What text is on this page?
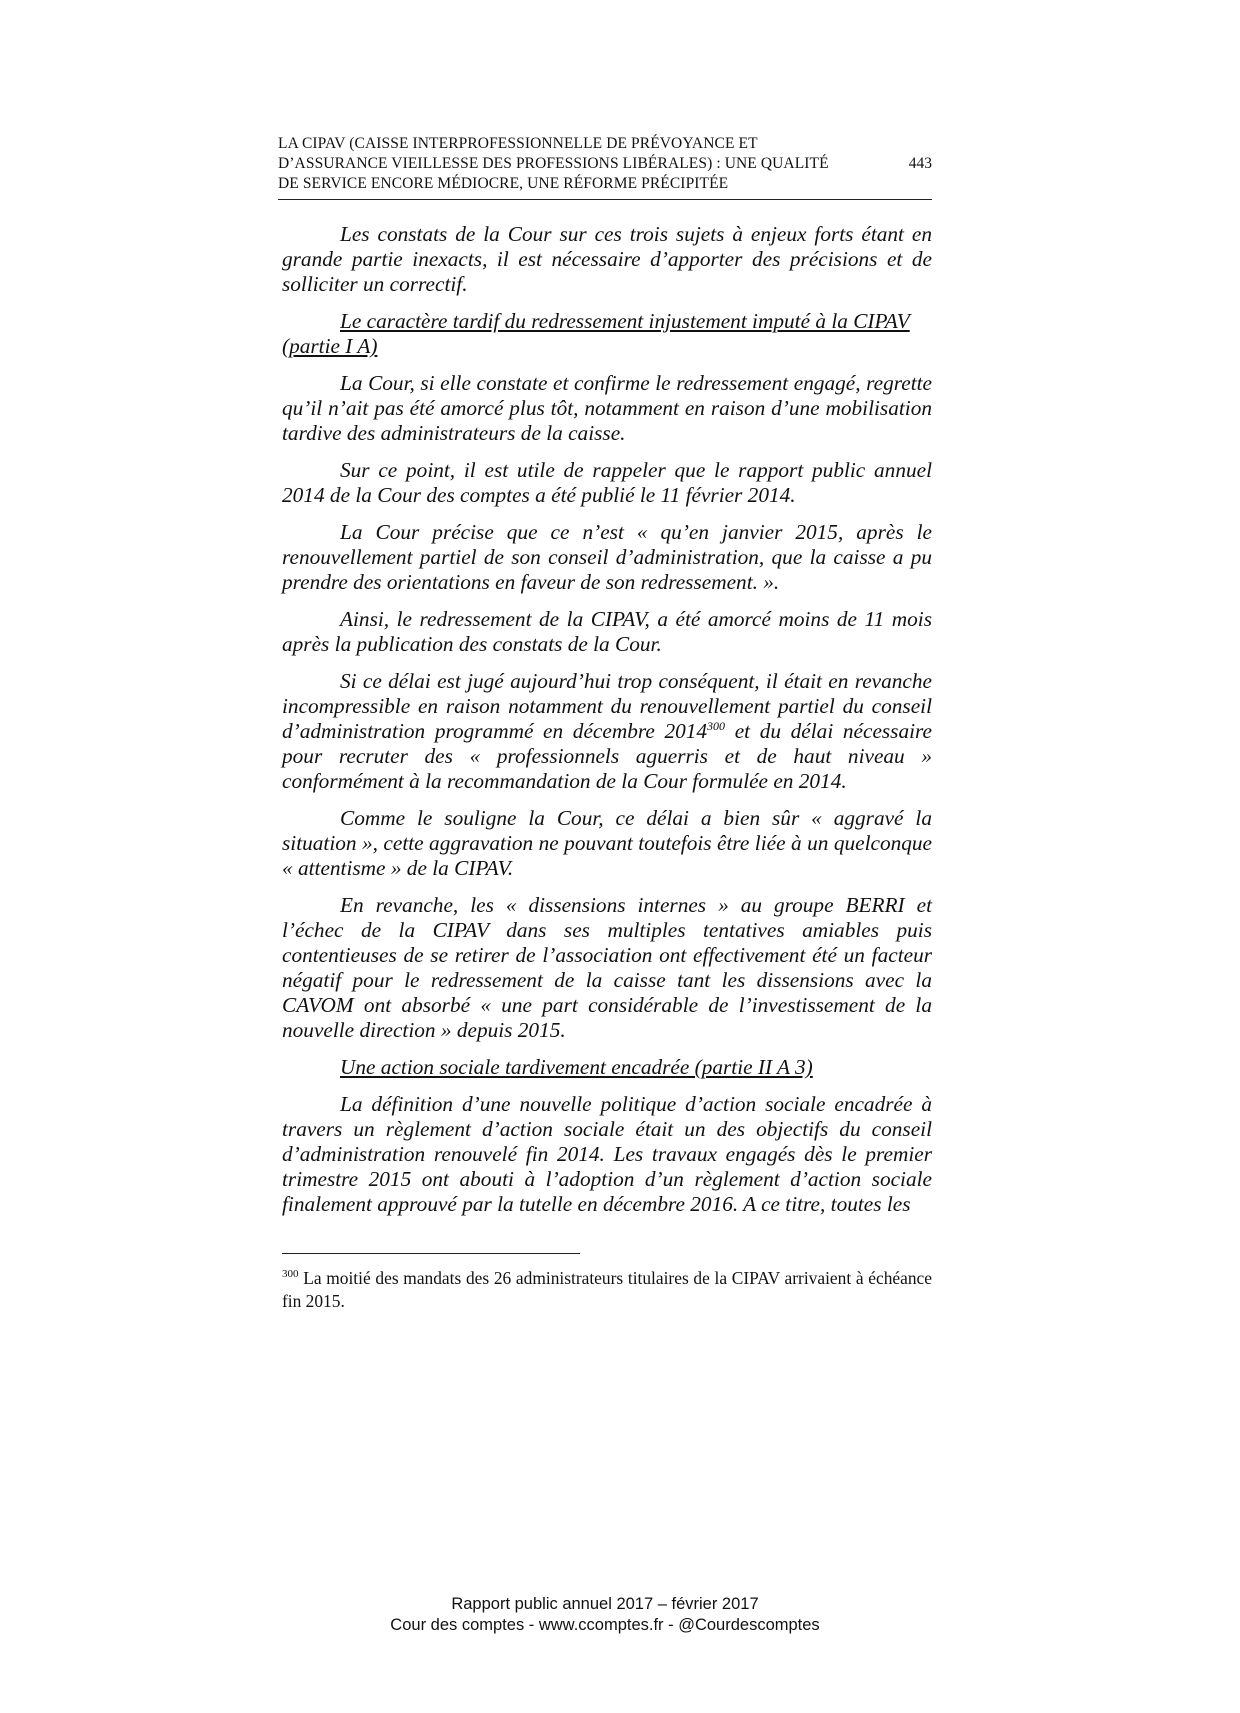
LA CIPAV (CAISSE INTERPROFESSIONNELLE DE PRÉVOYANCE ET
D’ASSURANCE VIEILLESSE DES PROFESSIONS LIBÉRALES) : UNE QUALITÉ
DE SERVICE ENCORE MÉDIOCRE, UNE RÉFORME PRÉCIPITÉE
443

Les constats de la Cour sur ces trois sujets à enjeux forts étant en grande partie inexacts, il est nécessaire d’apporter des précisions et de solliciter un correctif.

Le caractère tardif du redressement injustement imputé à la CIPAV (partie I A)

La Cour, si elle constate et confirme le redressement engagé, regrette qu’il n’ait pas été amorcé plus tôt, notamment en raison d’une mobilisation tardive des administrateurs de la caisse.

Sur ce point, il est utile de rappeler que le rapport public annuel 2014 de la Cour des comptes a été publié le 11 février 2014.

La Cour précise que ce n’est « qu’en janvier 2015, après le renouvellement partiel de son conseil d’administration, que la caisse a pu prendre des orientations en faveur de son redressement. ».

Ainsi, le redressement de la CIPAV, a été amorcé moins de 11 mois après la publication des constats de la Cour.

Si ce délai est jugé aujourd’hui trop conséquent, il était en revanche incompressible en raison notamment du renouvellement partiel du conseil d’administration programmé en décembre 2014$^{300}$ et du délai nécessaire pour recruter des « professionnels aguerris et de haut niveau » conformément à la recommandation de la Cour formulée en 2014.

Comme le souligne la Cour, ce délai a bien sûr « aggravé la situation », cette aggravation ne pouvant toutefois être liée à un quelconque « attentisme » de la CIPAV.

En revanche, les « dissensions internes » au groupe BERRI et l’échec de la CIPAV dans ses multiples tentatives amiables puis contentieuses de se retirer de l’association ont effectivement été un facteur négatif pour le redressement de la caisse tant les dissensions avec la CAVOM ont absorbé « une part considérable de l’investissement de la nouvelle direction » depuis 2015.

Une action sociale tardivement encadrée (partie II A 3)

La définition d’une nouvelle politique d’action sociale encadrée à travers un règlement d’action sociale était un des objectifs du conseil d’administration renouvelé fin 2014. Les travaux engagés dès le premier trimestre 2015 ont abouti à l’adoption d’un règlement d’action sociale finalement approuvé par la tutelle en décembre 2016. A ce titre, toutes les

$^{300}$ La moitié des mandats des 26 administrateurs titulaires de la CIPAV arrivaient à échéance fin 2015.
Rapport public annuel 2017 – février 2017
Cour des comptes - www.ccomptes.fr - @Courdescomptes
